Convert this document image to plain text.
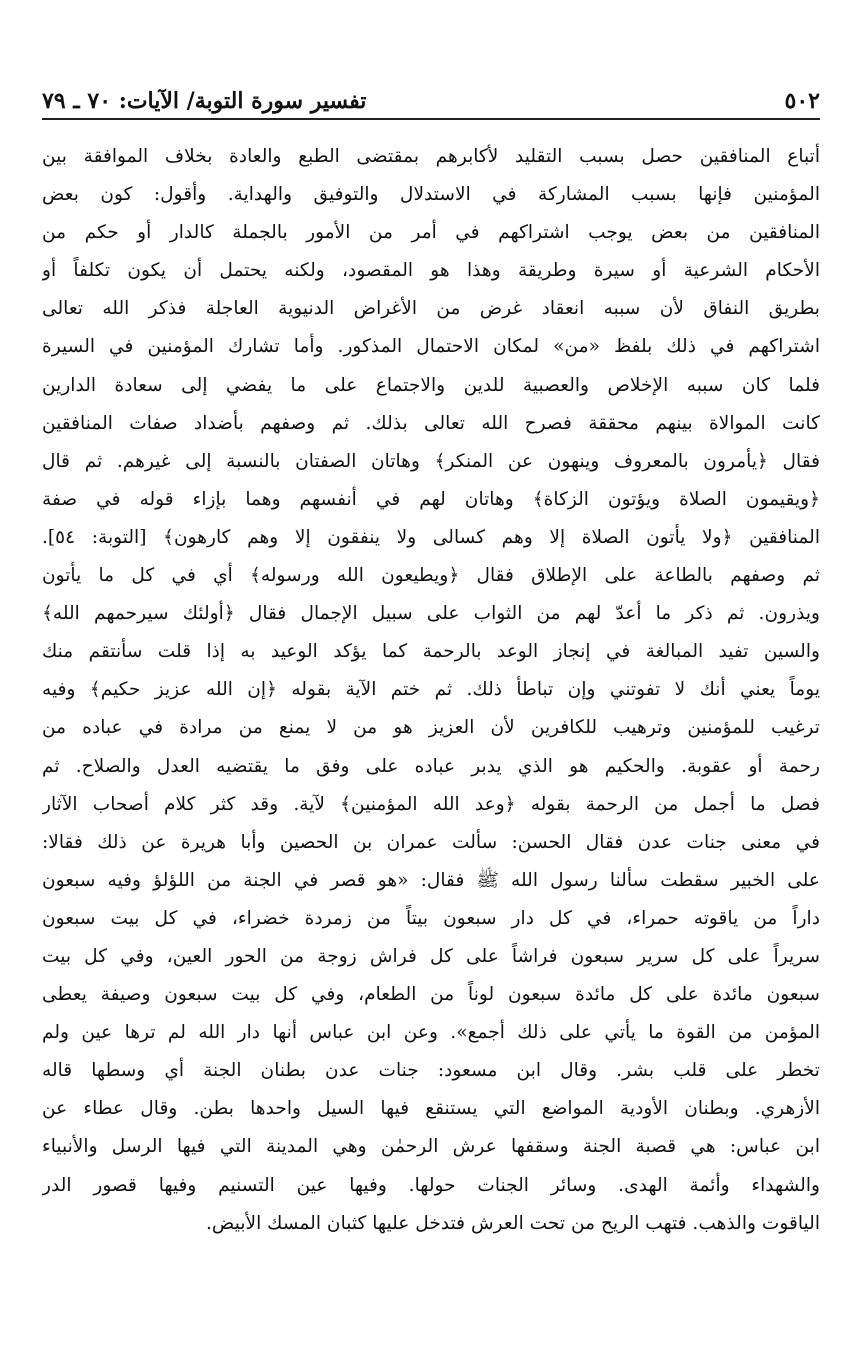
٥٠٢
تفسير سورة التوبة/ الآيات: ٧٠ ـ ٧٩
أتباع المنافقين حصل بسبب التقليد لأكابرهم بمقتضى الطبع والعادة بخلاف الموافقة بين
المؤمنين فإنها بسبب المشاركة في الاستدلال والتوفيق والهداية. وأقول: كون بعض
المنافقين من بعض يوجب اشتراكهم في أمر من الأمور بالجملة كالدار أو حكم من
الأحكام الشرعية أو سيرة وطريقة وهذا هو المقصود، ولكنه يحتمل أن يكون تكلفاً أو
بطريق النفاق لأن سببه انعقاد غرض من الأغراض الدنيوية العاجلة فذكر الله تعالى
اشتراكهم في ذلك بلفظ «من» لمكان الاحتمال المذكور. وأما تشارك المؤمنين في السيرة
فلما كان سببه الإخلاص والعصبية للدين والاجتماع على ما يفضي إلى سعادة الدارين
كانت الموالاة بينهم محققة فصرح الله تعالى بذلك. ثم وصفهم بأضداد صفات المنافقين
فقال ﴿يأمرون بالمعروف وينهون عن المنكر﴾ وهاتان الصفتان بالنسبة إلى غيرهم. ثم قال
﴿ويقيمون الصلاة ويؤتون الزكاة﴾ وهاتان لهم في أنفسهم وهما بإزاء قوله في صفة
المنافقين ﴿ولا يأتون الصلاة إلا وهم كسالى ولا ينفقون إلا وهم كارهون﴾ [التوبة: ٥٤].
ثم وصفهم بالطاعة على الإطلاق فقال ﴿ويطيعون الله ورسوله﴾ أي في كل ما يأتون
ويذرون. ثم ذكر ما أعدّ لهم من الثواب على سبيل الإجمال فقال ﴿أولئك سيرحمهم الله﴾
والسين تفيد المبالغة في إنجاز الوعد بالرحمة كما يؤكد الوعيد به إذا قلت سأنتقم منك
يوماً يعني أنك لا تفوتني وإن تباطأ ذلك. ثم ختم الآية بقوله ﴿إن الله عزيز حكيم﴾ وفيه
ترغيب للمؤمنين وترهيب للكافرين لأن العزيز هو من لا يمنع من مرادة في عباده من
رحمة أو عقوبة. والحكيم هو الذي يدبر عباده على وفق ما يقتضيه العدل والصلاح. ثم
فصل ما أجمل من الرحمة بقوله ﴿وعد الله المؤمنين﴾ لآية. وقد كثر كلام أصحاب الآثار
في معنى جنات عدن فقال الحسن: سألت عمران بن الحصين وأبا هريرة عن ذلك فقالا:
على الخبير سقطت سألنا رسول الله ﷺ فقال: «هو قصر في الجنة من اللؤلؤ وفيه سبعون
داراً من ياقوته حمراء، في كل دار سبعون بيتاً من زمردة خضراء، في كل بيت سبعون
سريراً على كل سرير سبعون فراشاً على كل فراش زوجة من الحور العين، وفي كل بيت
سبعون مائدة على كل مائدة سبعون لوناً من الطعام، وفي كل بيت سبعون وصيفة يعطى
المؤمن من القوة ما يأتي على ذلك أجمع». وعن ابن عباس أنها دار الله لم ترها عين ولم
تخطر على قلب بشر. وقال ابن مسعود: جنات عدن بطنان الجنة أي وسطها قاله
الأزهري. وبطنان الأودية المواضع التي يستنقع فيها السيل واحدها بطن. وقال عطاء عن
ابن عباس: هي قصبة الجنة وسقفها عرش الرحمٰن وهي المدينة التي فيها الرسل والأنبياء
والشهداء وأئمة الهدى. وسائر الجنات حولها. وفيها عين التسنيم وفيها قصور الدر
الياقوت والذهب. فتهب الريح من تحت العرش فتدخل عليها كثبان المسك الأبيض.
